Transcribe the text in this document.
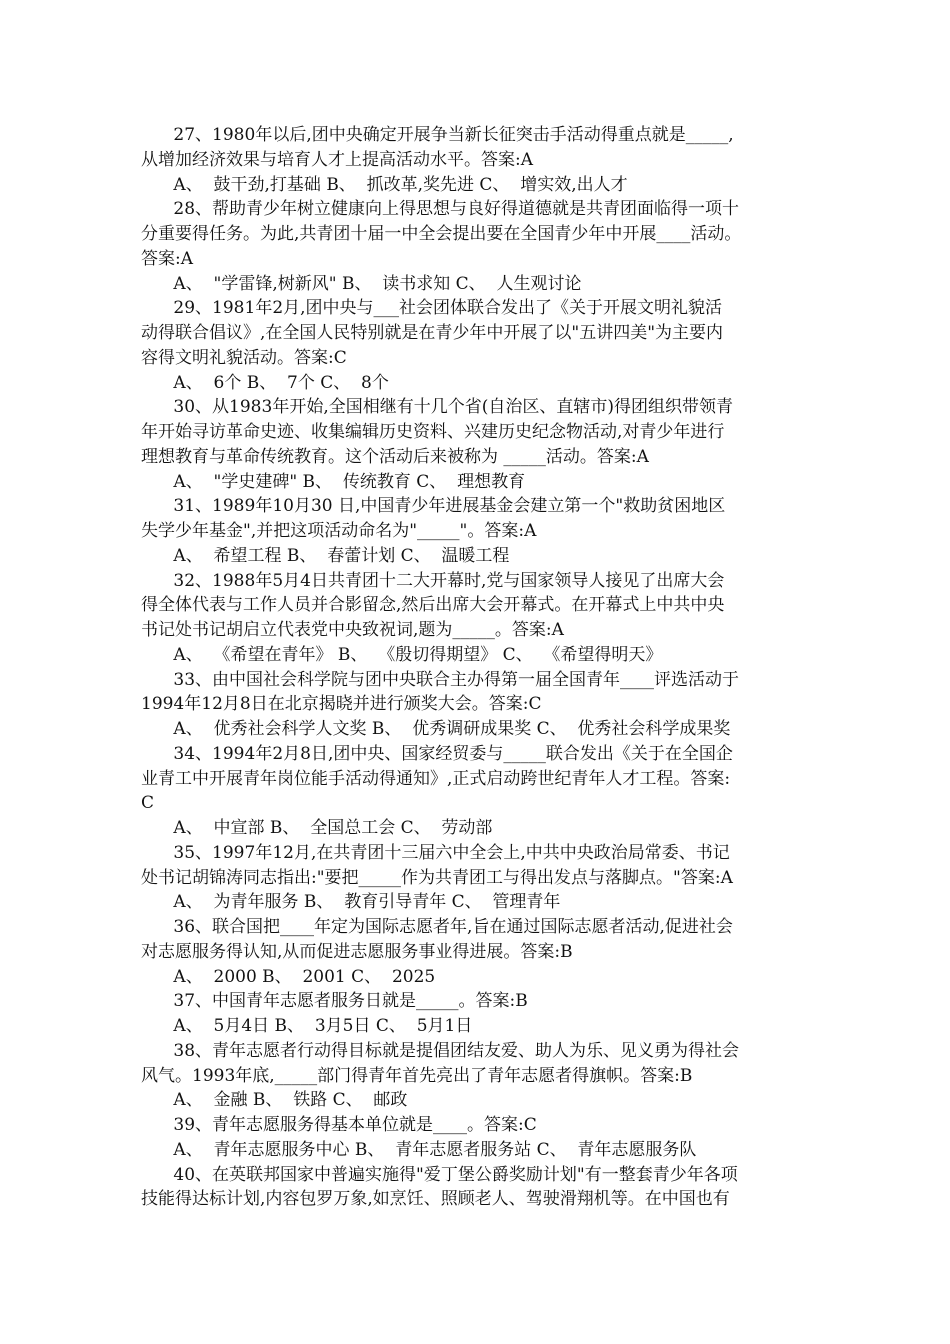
27、1980年以后,团中央确定开展争当新长征突击手活动得重点就是_____,
从增加经济效果与培育人才上提高活动水平。答案:A
A、  鼓干劲,打基础 B、  抓改革,奖先进 C、  增实效,出人才
28、帮助青少年树立健康向上得思想与良好得道德就是共青团面临得一项十
分重要得任务。为此,共青团十届一中全会提出要在全国青少年中开展____活动。
答案:A
A、  "学雷锋,树新风" B、  读书求知 C、  人生观讨论
29、1981年2月,团中央与___社会团体联合发出了《关于开展文明礼貌活
动得联合倡议》,在全国人民特别就是在青少年中开展了以"五讲四美"为主要内
容得文明礼貌活动。答案:C
A、  6个 B、  7个 C、  8个
30、从1983年开始,全国相继有十几个省(自治区、直辖市)得团组织带领青
年开始寻访革命史迹、收集编辑历史资料、兴建历史纪念物活动,对青少年进行
理想教育与革命传统教育。这个活动后来被称为 _____活动。答案:A
A、  "学史建碑" B、  传统教育 C、  理想教育
31、1989年10月30 日,中国青少年进展基金会建立第一个"救助贫困地区
失学少年基金",并把这项活动命名为"_____"。答案:A
A、  希望工程 B、  春蕾计划 C、  温暖工程
32、1988年5月4日共青团十二大开幕时,党与国家领导人接见了出席大会
得全体代表与工作人员并合影留念,然后出席大会开幕式。在开幕式上中共中央
书记处书记胡启立代表党中央致祝词,题为_____。答案:A
A、  《希望在青年》 B、  《殷切得期望》 C、  《希望得明天》
33、由中国社会科学院与团中央联合主办得第一届全国青年____评选活动于
1994年12月8日在北京揭晓并进行颁奖大会。答案:C
A、  优秀社会科学人文奖 B、  优秀调研成果奖 C、  优秀社会科学成果奖
34、1994年2月8日,团中央、国家经贸委与_____联合发出《关于在全国企
业青工中开展青年岗位能手活动得通知》,正式启动跨世纪青年人才工程。答案:
C
A、  中宣部 B、  全国总工会 C、  劳动部
35、1997年12月,在共青团十三届六中全会上,中共中央政治局常委、书记
处书记胡锦涛同志指出:"要把_____作为共青团工与得出发点与落脚点。"答案:A
A、  为青年服务 B、  教育引导青年 C、  管理青年
36、联合国把____年定为国际志愿者年,旨在通过国际志愿者活动,促进社会
对志愿服务得认知,从而促进志愿服务事业得进展。答案:B
A、  2000 B、  2001 C、  2025
37、中国青年志愿者服务日就是_____。答案:B
A、  5月4日 B、  3月5日 C、  5月1日
38、青年志愿者行动得目标就是提倡团结友爱、助人为乐、见义勇为得社会
风气。1993年底,_____部门得青年首先亮出了青年志愿者得旗帜。答案:B
A、  金融 B、  铁路 C、  邮政
39、青年志愿服务得基本单位就是____。答案:C
A、  青年志愿服务中心 B、  青年志愿者服务站 C、  青年志愿服务队
40、在英联邦国家中普遍实施得"爱丁堡公爵奖励计划"有一整套青少年各项
技能得达标计划,内容包罗万象,如烹饪、照顾老人、驾驶滑翔机等。在中国也有
